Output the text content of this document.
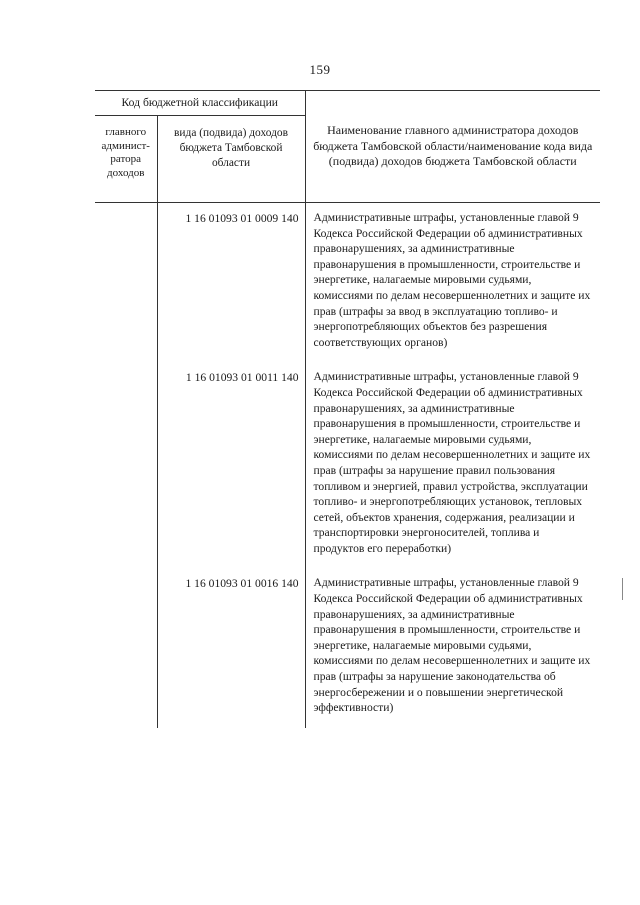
159
Код бюджетной классификации		Наименование главного администратора доходов бюджета Тамбовской области/наименование кода вида (подвида) доходов бюджета Тамбовской области
главного админист-ратора доходов	вида (подвида) доходов бюджета Тамбовской области	
	1 16 01093 01 0009 140	Административные штрафы, установленные главой 9 Кодекса Российской Федерации об административных правонарушениях, за административные правонарушения в промышленности, строительстве и энергетике, налагаемые мировыми судьями, комиссиями по делам несовершеннолетних и защите их прав (штрафы за ввод в эксплуатацию топливо- и энергопотребляющих объектов без разрешения соответствующих органов)
	1 16 01093 01 0011 140	Административные штрафы, установленные главой 9 Кодекса Российской Федерации об административных правонарушениях, за административные правонарушения в промышленности, строительстве и энергетике, налагаемые мировыми судьями, комиссиями по делам несовершеннолетних и защите их прав (штрафы за нарушение правил пользования топливом и энергией, правил устройства, эксплуатации топливо- и энергопотребляющих установок, тепловых сетей, объектов хранения, содержания, реализации и транспортировки энергоносителей, топлива и продуктов его переработки)
	1 16 01093 01 0016 140	Административные штрафы, установленные главой 9 Кодекса Российской Федерации об административных правонарушениях, за административные правонарушения в промышленности, строительстве и энергетике, налагаемые мировыми судьями, комиссиями по делам несовершеннолетних и защите их прав (штрафы за нарушение законодательства об энергосбережении и о повышении энергетической эффективности)
